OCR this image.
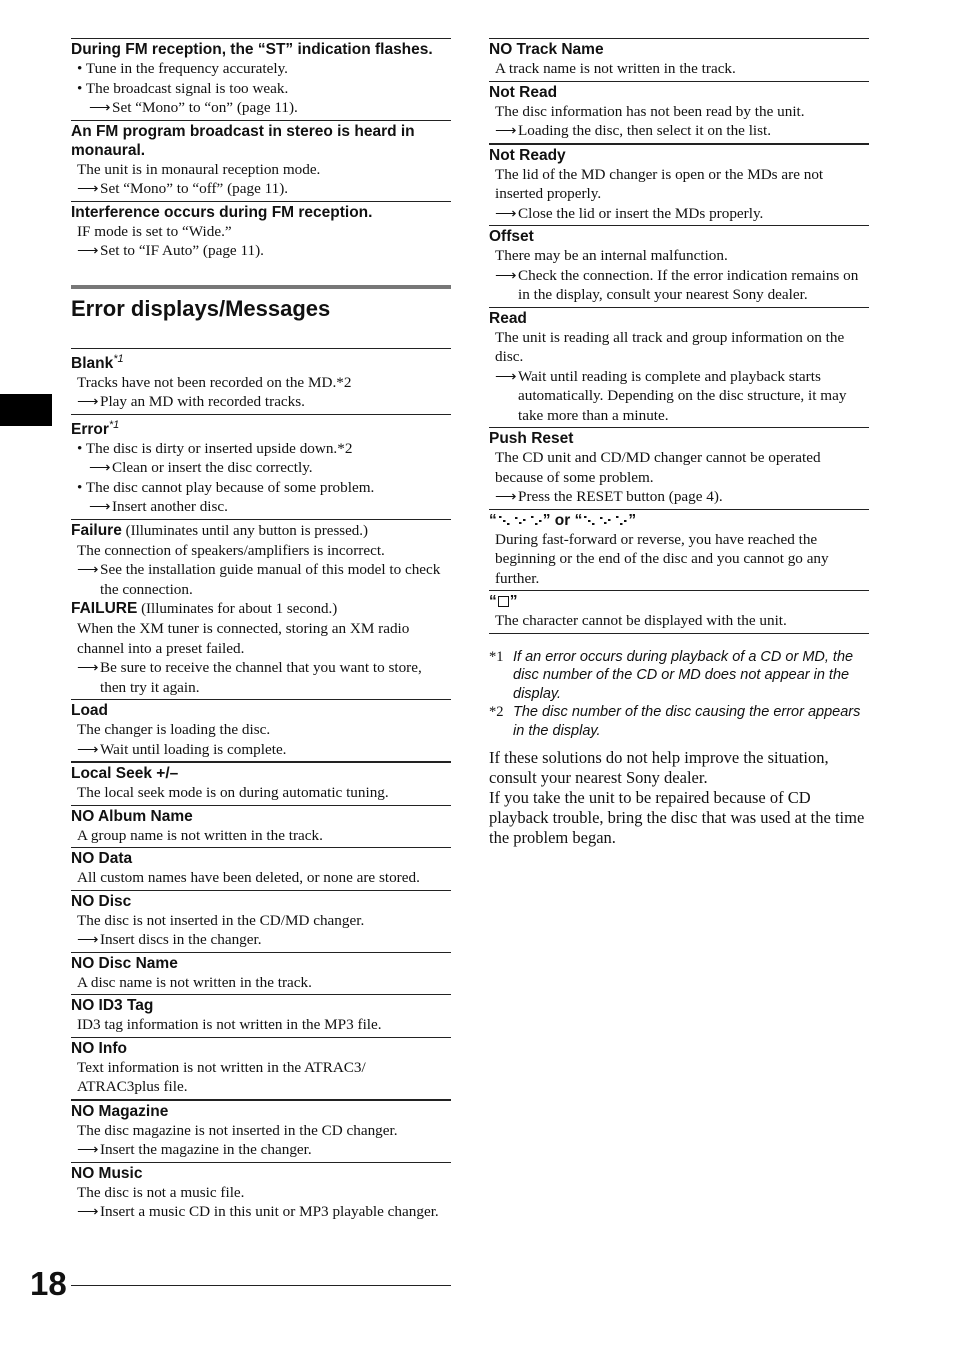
During FM reception, the “ST” indication flashes.
• Tune in the frequency accurately.
• The broadcast signal is too weak.
⟶ Set “Mono” to “on” (page 11).
An FM program broadcast in stereo is heard in monaural.
The unit is in monaural reception mode.
⟶ Set “Mono” to “off” (page 11).
Interference occurs during FM reception.
IF mode is set to “Wide.”
⟶ Set to “IF Auto” (page 11).
Error displays/Messages
Blank$^{*1}$
Tracks have not been recorded on the MD.*2
⟶ Play an MD with recorded tracks.
Error$^{*1}$
• The disc is dirty or inserted upside down.*2
⟶ Clean or insert the disc correctly.
• The disc cannot play because of some problem.
⟶ Insert another disc.
Failure (Illuminates until any button is pressed.)
The connection of speakers/amplifiers is incorrect.
⟶ See the installation guide manual of this model to check the connection.
FAILURE (Illuminates for about 1 second.)
When the XM tuner is connected, storing an XM radio channel into a preset failed.
⟶ Be sure to receive the channel that you want to store, then try it again.
Load
The changer is loading the disc.
⟶ Wait until loading is complete.
Local Seek +/–
The local seek mode is on during automatic tuning.
NO Album Name
A group name is not written in the track.
NO Data
All custom names have been deleted, or none are stored.
NO Disc
The disc is not inserted in the CD/MD changer.
⟶ Insert discs in the changer.
NO Disc Name
A disc name is not written in the track.
NO ID3 Tag
ID3 tag information is not written in the MP3 file.
NO Info
Text information is not written in the ATRAC3/ ATRAC3plus file.
NO Magazine
The disc magazine is not inserted in the CD changer.
⟶ Insert the magazine in the changer.
NO Music
The disc is not a music file.
⟶ Insert a music CD in this unit or MP3 playable changer.
NO Track Name
A track name is not written in the track.
Not Read
The disc information has not been read by the unit.
⟶ Loading the disc, then select it on the list.
Not Ready
The lid of the MD changer is open or the MDs are not inserted properly.
⟶ Close the lid or insert the MDs properly.
Offset
There may be an internal malfunction.
⟶ Check the connection. If the error indication remains on in the display, consult your nearest Sony dealer.
Read
The unit is reading all track and group information on the disc.
⟶ Wait until reading is complete and playback starts automatically. Depending on the disc structure, it may take more than a minute.
Push Reset
The CD unit and CD/MD changer cannot be operated because of some problem.
⟶ Press the RESET button (page 4).
“	” or “	”
During fast-forward or reverse, you have reached the beginning or the end of the disc and you cannot go any further.
“ ”
The character cannot be displayed with the unit.
*1 If an error occurs during playback of a CD or MD, the disc number of the CD or MD does not appear in the display.
*2 The disc number of the disc causing the error appears in the display.
If these solutions do not help improve the situation, consult your nearest Sony dealer.
If you take the unit to be repaired because of CD playback trouble, bring the disc that was used at the time the problem began.
18
